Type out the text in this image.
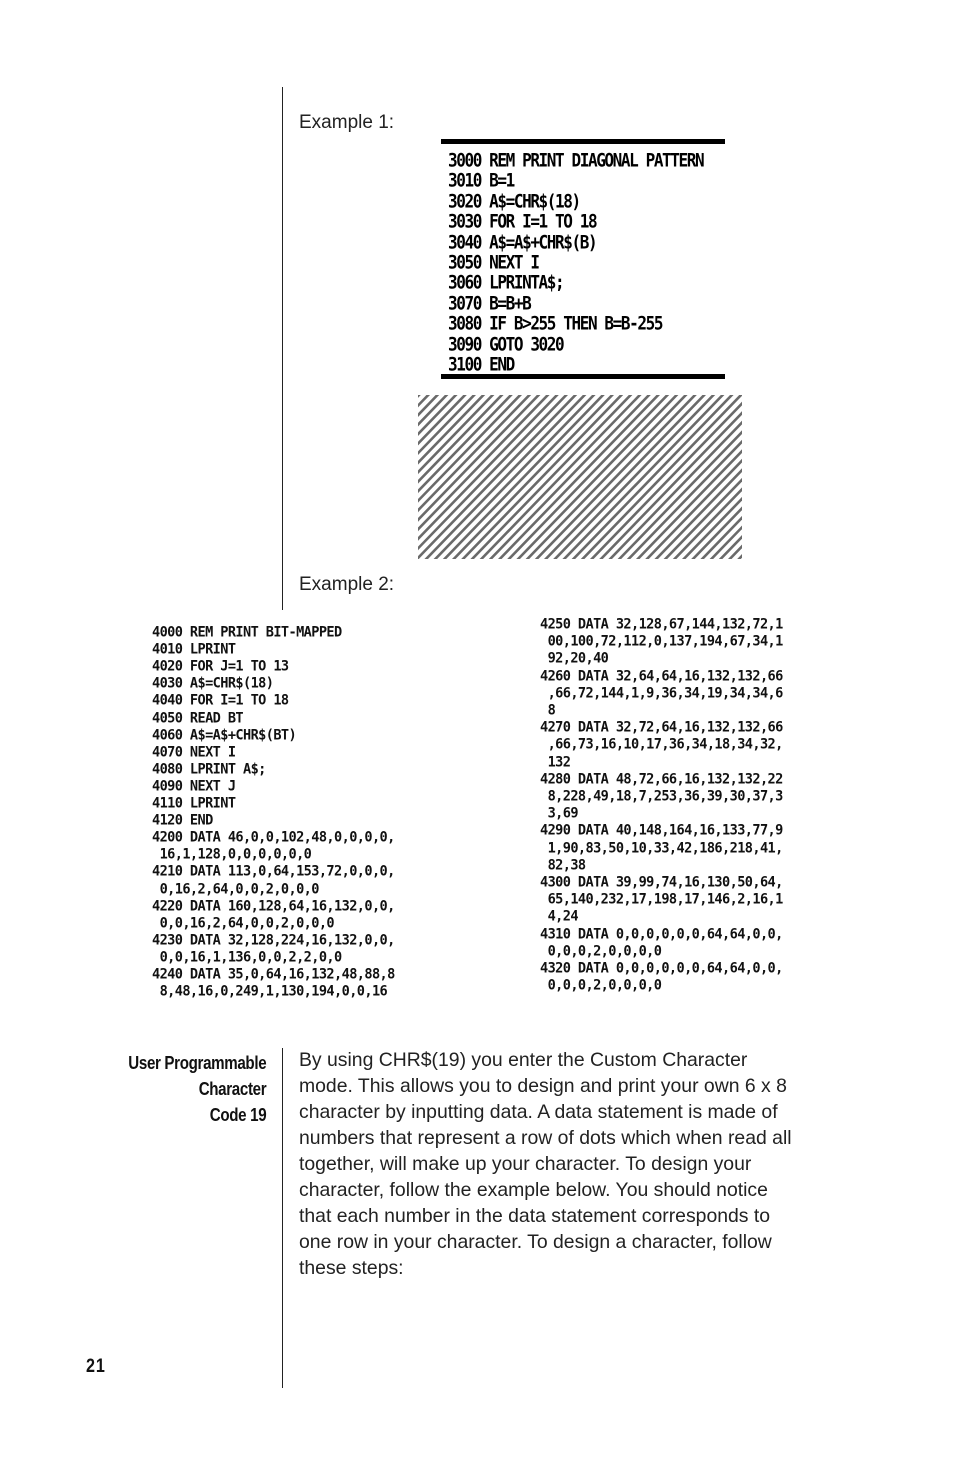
Example 1:
3000 REM PRINT DIAGONAL PATTERN
3010 B=1
3020 A$=CHR$(18)
3030 FOR I=1 TO 18
3040 A$=A$+CHR$(B)
3050 NEXT I
3060 LPRINTA$;
3070 B=B+B
3080 IF B>255 THEN B=B-255
3090 GOTO 3020
3100 END
Example 2:
4000 REM PRINT BIT-MAPPED
4010 LPRINT
4020 FOR J=1 TO 13
4030 A$=CHR$(18)
4040 FOR I=1 TO 18
4050 READ BT
4060 A$=A$+CHR$(BT)
4070 NEXT I
4080 LPRINT A$;
4090 NEXT J
4110 LPRINT
4120 END
4200 DATA 46,0,0,102,48,0,0,0,0,
16,1,128,0,0,0,0,0,0
4210 DATA 113,0,64,153,72,0,0,0,
0,16,2,64,0,0,2,0,0,0
4220 DATA 160,128,64,16,132,0,0,
0,0,16,2,64,0,0,2,0,0,0
4230 DATA 32,128,224,16,132,0,0,
0,0,16,1,136,0,0,2,2,0,0
4240 DATA 35,0,64,16,132,48,88,8
8,48,16,0,249,1,130,194,0,0,16
4250 DATA 32,128,67,144,132,72,1
00,100,72,112,0,137,194,67,34,1
92,20,40
4260 DATA 32,64,64,16,132,132,66
,66,72,144,1,9,36,34,19,34,34,6
8
4270 DATA 32,72,64,16,132,132,66
,66,73,16,10,17,36,34,18,34,32,
132
4280 DATA 48,72,66,16,132,132,22
8,228,49,18,7,253,36,39,30,37,3
3,69
4290 DATA 40,148,164,16,133,77,9
1,90,83,50,10,33,42,186,218,41,
82,38
4300 DATA 39,99,74,16,130,50,64,
65,140,232,17,198,17,146,2,16,1
4,24
4310 DATA 0,0,0,0,0,0,64,64,0,0,
0,0,0,2,0,0,0,0
4320 DATA 0,0,0,0,0,0,64,64,0,0,
0,0,0,2,0,0,0,0
User Programmable
Character
Code 19
By using CHR$(19) you enter the Custom Character
mode. This allows you to design and print your own 6 x 8
character by inputting data. A data statement is made of
numbers that represent a row of dots which when read all
together, will make up your character. To design your
character, follow the example below. You should notice
that each number in the data statement corresponds to
one row in your character. To design a character, follow
these steps:
21
